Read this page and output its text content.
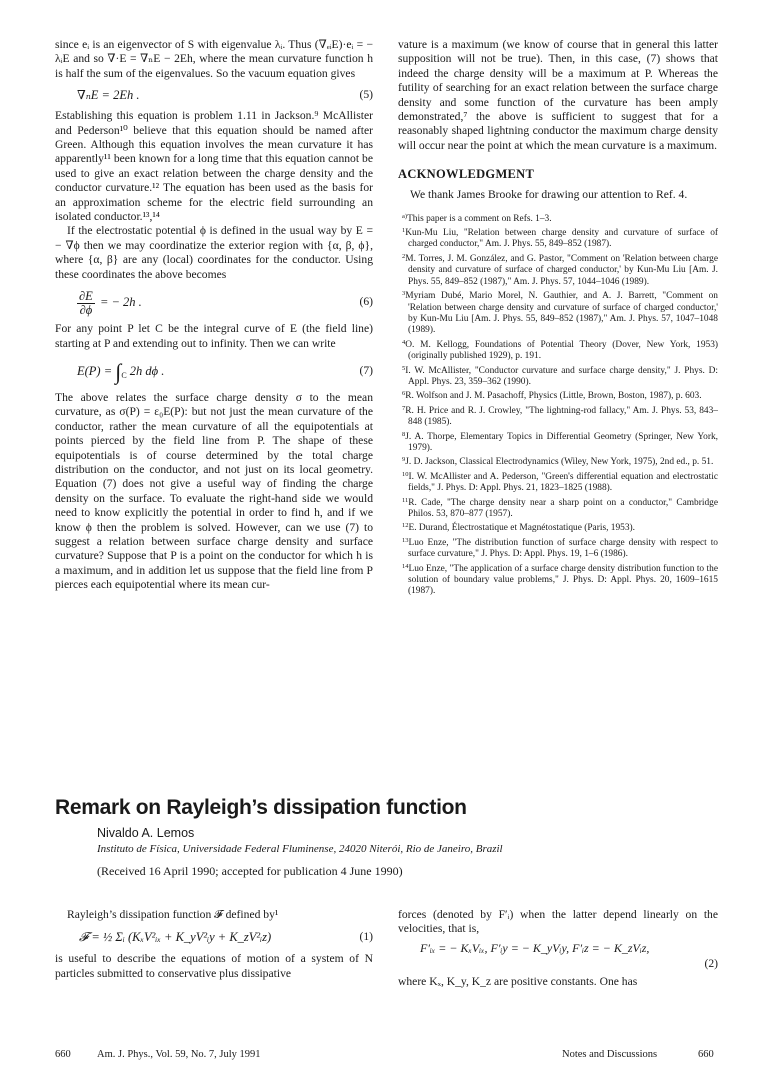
since eᵢ is an eigenvector of S with eigenvalue λᵢ. Thus (∇ₑᵢE)·eᵢ = − λᵢE and so ∇·E = ∇ₙE − 2Eh, where the mean curvature function h is half the sum of the eigenvalues. So the vacuum equation gives

∇ₙE = 2Eh .	(5)

Establishing this equation is problem 1.11 in Jackson.⁹ McAllister and Pederson¹⁰ believe that this equation should be named after Green. Although this equation involves the mean curvature it has apparently¹¹ been known for a long time that this equation cannot be used to give an exact relation between the charge density and the conductor curvature.¹² The equation has been used as the basis for an approximation scheme for the electric field surrounding an isolated conductor.¹³,¹⁴

If the electrostatic potential ϕ is defined in the usual way by E = − ∇ϕ then we may coordinatize the exterior region with {α, β, ϕ}, where {α, β} are any (local) coordinates for the conductor. Using these coordinates the above becomes

$\frac{\partial E}{\partial\phi}$ = − 2h .	(6)

For any point P let C be the integral curve of E (the field line) starting at P and extending out to infinity. Then we can write

$E(P) = \int_C$ 2h dϕ .	(7)

The above relates the surface charge density σ to the mean curvature, as σ(P) = ε₀E(P): but not just the mean curvature of the conductor, rather the mean curvature of all the equipotentials at points pierced by the field line from P. The shape of these equipotentials is of course determined by the total charge distribution on the conductor, and not just on its local geometry. Equation (7) does not give a useful way of finding the charge density on the surface. To evaluate the right-hand side we would need to know explicitly the potential in order to find h, and if we know ϕ then the problem is solved. However, can we use (7) to suggest a relation between surface charge density and surface curvature? Suppose that P is a point on the conductor for which h is a maximum, and in addition let us suppose that the field line from P pierces each equipotential where its mean cur-

vature is a maximum (we know of course that in general this latter supposition will not be true). Then, in this case, (7) shows that indeed the charge density will be a maximum at P. Whereas the futility of searching for an exact relation between the surface charge density and some function of the curvature has been amply demonstrated,⁷ the above is sufficient to suggest that for a reasonably shaped lightning conductor the maximum charge density will occur near the point at which the mean curvature is a maximum.

ACKNOWLEDGMENT

We thank James Brooke for drawing our attention to Ref. 4.

$^{a)}$This paper is a comment on Refs. 1–3.

$^1$Kun-Mu Liu, "Relation between charge density and curvature of surface of charged conductor," Am. J. Phys. 55, 849–852 (1987).

$^2$M. Torres, J. M. González, and G. Pastor, "Comment on 'Relation between charge density and curvature of surface of charged conductor,' by Kun-Mu Liu [Am. J. Phys. 55, 849–852 (1987)," Am. J. Phys. 57, 1044–1046 (1989).

$^3$Myriam Dubé, Mario Morel, N. Gauthier, and A. J. Barrett, "Comment on 'Relation between charge density and curvature of surface of charged conductor,' by Kun-Mu Liu [Am. J. Phys. 55, 849–852 (1987)," Am. J. Phys. 57, 1047–1048 (1989).

$^4$O. M. Kellogg, Foundations of Potential Theory (Dover, New York, 1953) (originally published 1929), p. 191.

$^5$I. W. McAllister, "Conductor curvature and surface charge density," J. Phys. D: Appl. Phys. 23, 359–362 (1990).

$^6$R. Wolfson and J. M. Pasachoff, Physics (Little, Brown, Boston, 1987), p. 603.

$^7$R. H. Price and R. J. Crowley, "The lightning-rod fallacy," Am. J. Phys. 53, 843–848 (1985).

$^8$J. A. Thorpe, Elementary Topics in Differential Geometry (Springer, New York, 1979).

$^9$J. D. Jackson, Classical Electrodynamics (Wiley, New York, 1975), 2nd ed., p. 51.

$^{10}$I. W. McAllister and A. Pederson, "Green's differential equation and electrostatic fields," J. Phys. D: Appl. Phys. 21, 1823–1825 (1988).

$^{11}$R. Cade, "The charge density near a sharp point on a conductor," Cambridge Philos. 53, 870–877 (1957).

$^{12}$E. Durand, Électrostatique et Magnétostatique (Paris, 1953).

$^{13}$Luo Enze, "The distribution function of surface charge density with respect to surface curvature," J. Phys. D: Appl. Phys. 19, 1–6 (1986).

$^{14}$Luo Enze, "The application of a surface charge density distribution function to the solution of boundary value problems," J. Phys. D: Appl. Phys. 20, 1609–1615 (1987).

Remark on Rayleigh’s dissipation function
Nivaldo A. Lemos
Instituto de Física, Universidade Federal Fluminense, 24020 Niterói, Rio de Janeiro, Brazil
(Received 16 April 1990; accepted for publication 4 June 1990)

Rayleigh’s dissipation function 𝓕 defined by¹

𝓕 = ½ Σᵢ (KₓV²ᵢₓ + K_yV²ᵢy + K_zV²ᵢz)	(1)

is useful to describe the equations of motion of a system of N particles submitted to conservative plus dissipative

forces (denoted by F′ᵢ) when the latter depend linearly on the velocities, that is,

F′ᵢₓ = − KₓVᵢₓ, F′ᵢy = − K_yVᵢy, F′ᵢz = − K_zVᵢz,
(2)

where Kₓ, K_y, K_z are positive constants. One has

660	Am. J. Phys., Vol. 59, No. 7, July 1991	Notes and Discussions	660
